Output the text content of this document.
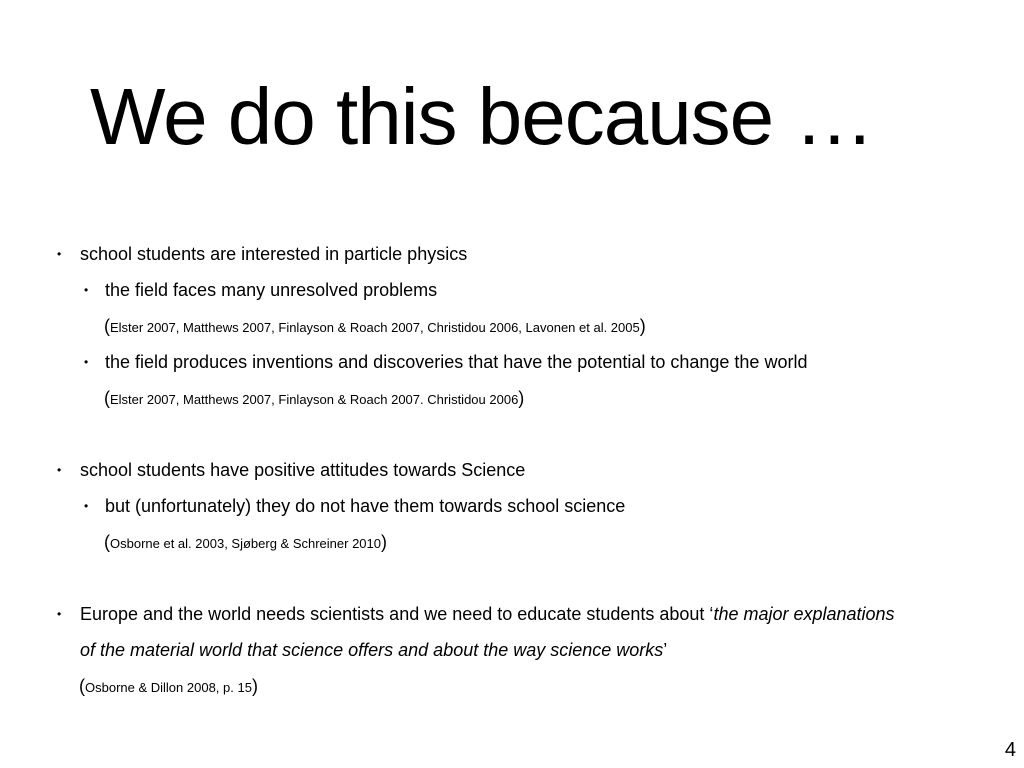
We do this because …
• school students are interested in particle physics
• the field faces many unresolved problems
(Elster 2007, Matthews 2007, Finlayson & Roach 2007, Christidou 2006, Lavonen et al. 2005)
• the field produces inventions and discoveries that have the potential to change the world
(Elster 2007, Matthews 2007, Finlayson & Roach 2007. Christidou 2006)
• school students have positive attitudes towards Science
• but (unfortunately) they do not have them towards school science
(Osborne et al. 2003, Sjøberg & Schreiner 2010)
• Europe and the world needs scientists and we need to educate students about ‘the major explanations
of the material world that science offers and about the way science works’
(Osborne & Dillon 2008, p. 15)
4
